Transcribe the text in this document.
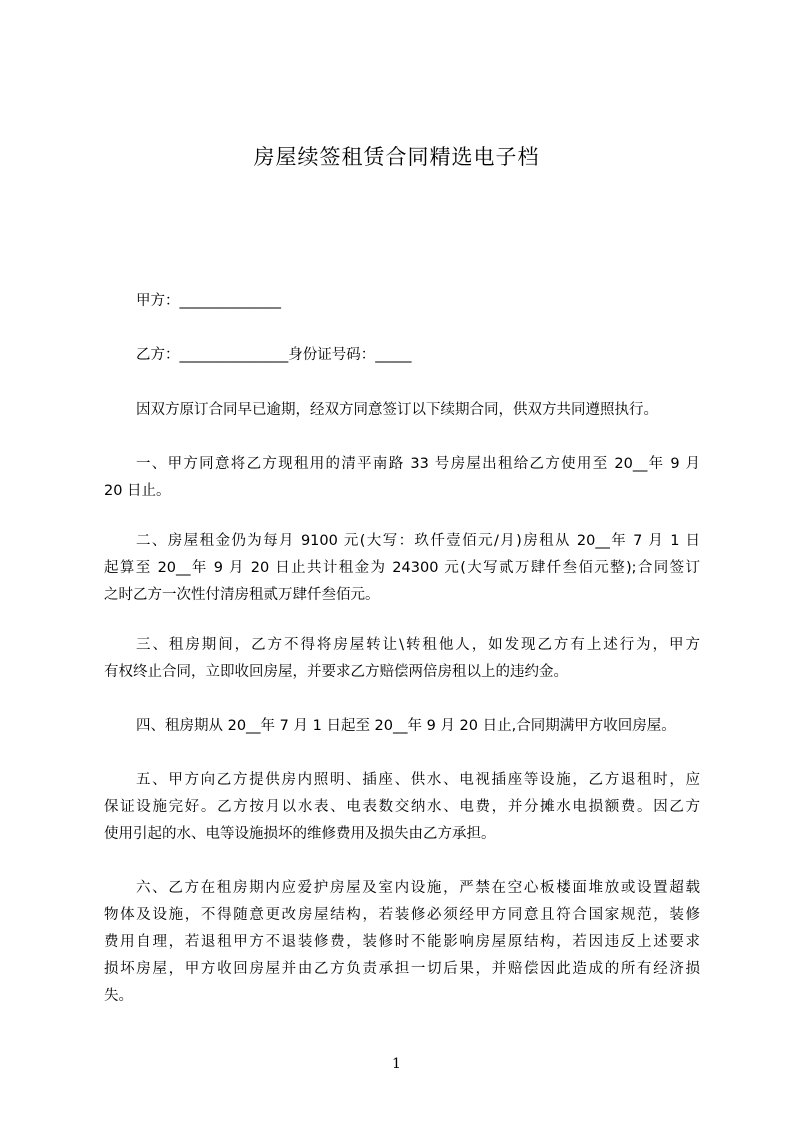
房屋续签租赁合同精选电子档
甲方：______________
乙方：_______________身份证号码：_____
因双方原订合同早已逾期，经双方同意签订以下续期合同，供双方共同遵照执行。
一、甲方同意将乙方现租用的清平南路 33 号房屋出租给乙方使用至 20__年 9 月
20 日止。
二、房屋租金仍为每月 9100 元(大写：玖仟壹佰元/月)房租从 20__年 7 月 1 日
起算至 20__年 9 月 20 日止共计租金为 24300 元(大写贰万肆仟叁佰元整);合同签订
之时乙方一次性付清房租贰万肆仟叁佰元。
三、租房期间，乙方不得将房屋转让\转租他人，如发现乙方有上述行为，甲方
有权终止合同，立即收回房屋，并要求乙方赔偿两倍房租以上的违约金。
四、租房期从 20__年 7 月 1 日起至 20__年 9 月 20 日止,合同期满甲方收回房屋。
五、甲方向乙方提供房内照明、插座、供水、电视插座等设施，乙方退租时，应
保证设施完好。乙方按月以水表、电表数交纳水、电费，并分摊水电损额费。因乙方
使用引起的水、电等设施损坏的维修费用及损失由乙方承担。
六、乙方在租房期内应爱护房屋及室内设施，严禁在空心板楼面堆放或设置超载
物体及设施，不得随意更改房屋结构，若装修必须经甲方同意且符合国家规范，装修
费用自理，若退租甲方不退装修费，装修时不能影响房屋原结构，若因违反上述要求
损坏房屋，甲方收回房屋并由乙方负责承担一切后果，并赔偿因此造成的所有经济损
失。
1
